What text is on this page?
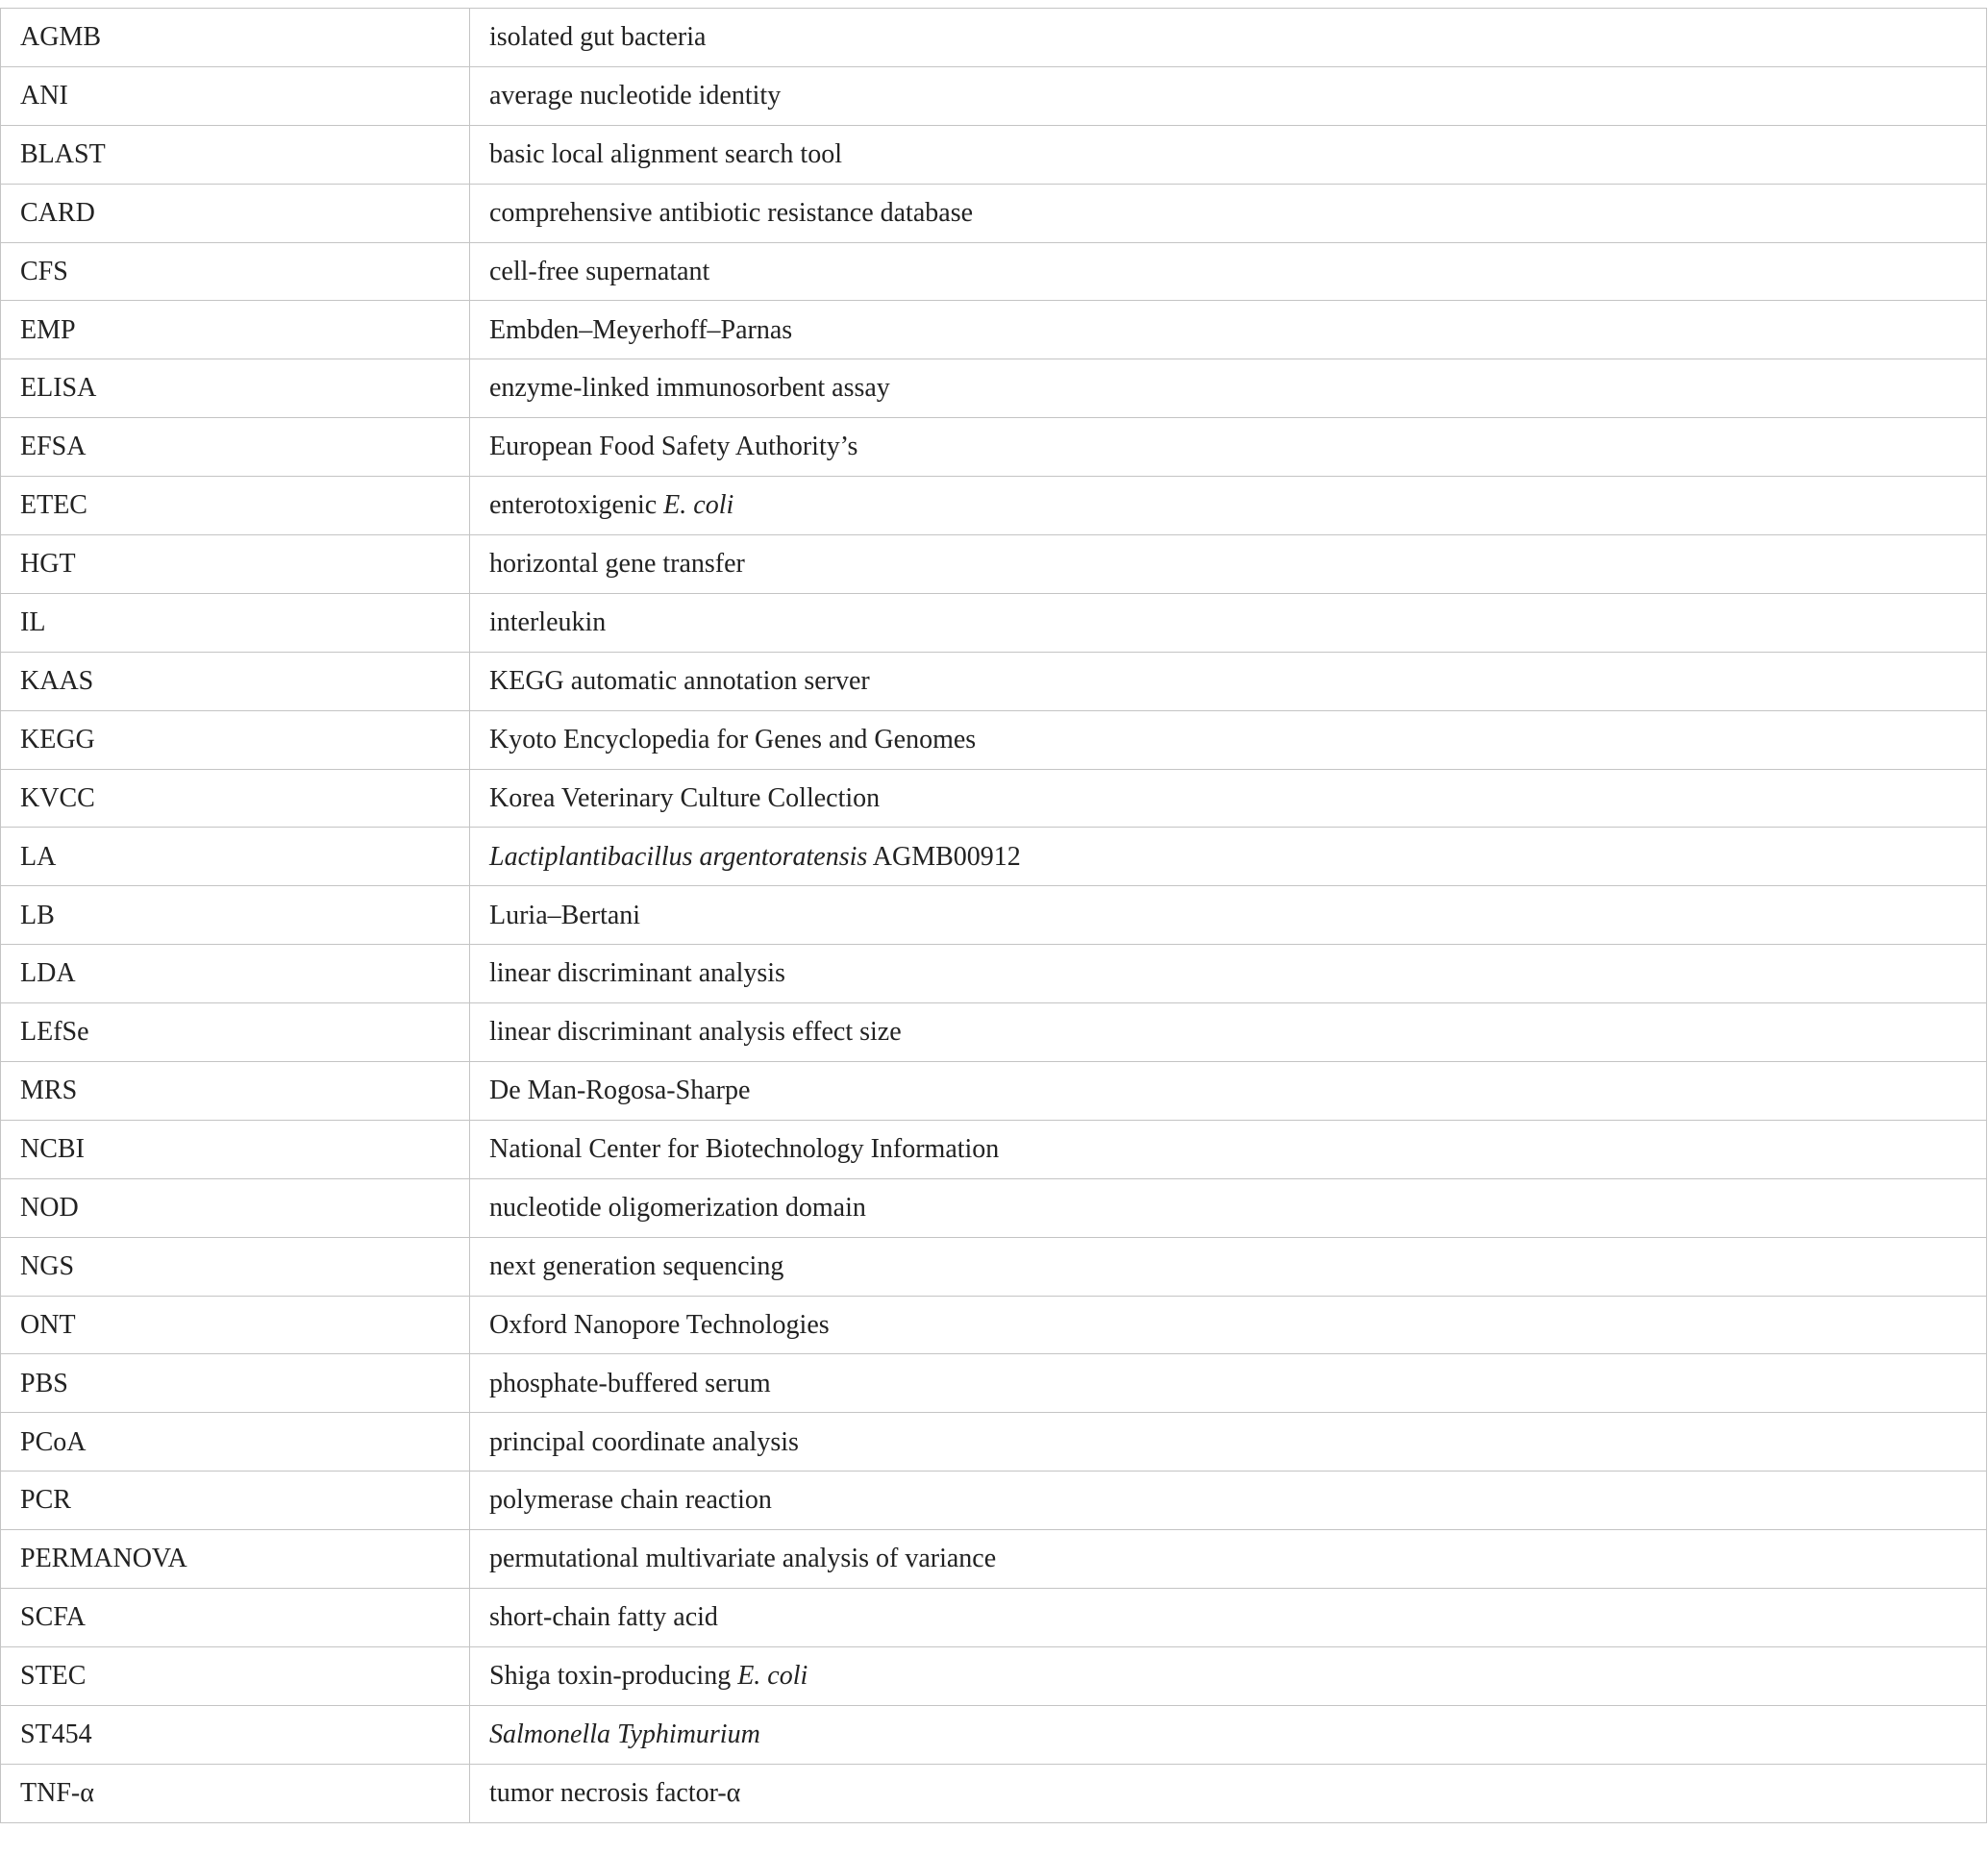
AGMB	isolated gut bacteria
ANI	average nucleotide identity
BLAST	basic local alignment search tool
CARD	comprehensive antibiotic resistance database
CFS	cell-free supernatant
EMP	Embden–Meyerhoff–Parnas
ELISA	enzyme-linked immunosorbent assay
EFSA	European Food Safety Authority’s
ETEC	enterotoxigenic E. coli
HGT	horizontal gene transfer
IL	interleukin
KAAS	KEGG automatic annotation server
KEGG	Kyoto Encyclopedia for Genes and Genomes
KVCC	Korea Veterinary Culture Collection
LA	Lactiplantibacillus argentoratensis AGMB00912
LB	Luria–Bertani
LDA	linear discriminant analysis
LEfSe	linear discriminant analysis effect size
MRS	De Man-Rogosa-Sharpe
NCBI	National Center for Biotechnology Information
NOD	nucleotide oligomerization domain
NGS	next generation sequencing
ONT	Oxford Nanopore Technologies
PBS	phosphate-buffered serum
PCoA	principal coordinate analysis
PCR	polymerase chain reaction
PERMANOVA	permutational multivariate analysis of variance
SCFA	short-chain fatty acid
STEC	Shiga toxin-producing E. coli
ST454	Salmonella Typhimurium
TNF-α	tumor necrosis factor-α
